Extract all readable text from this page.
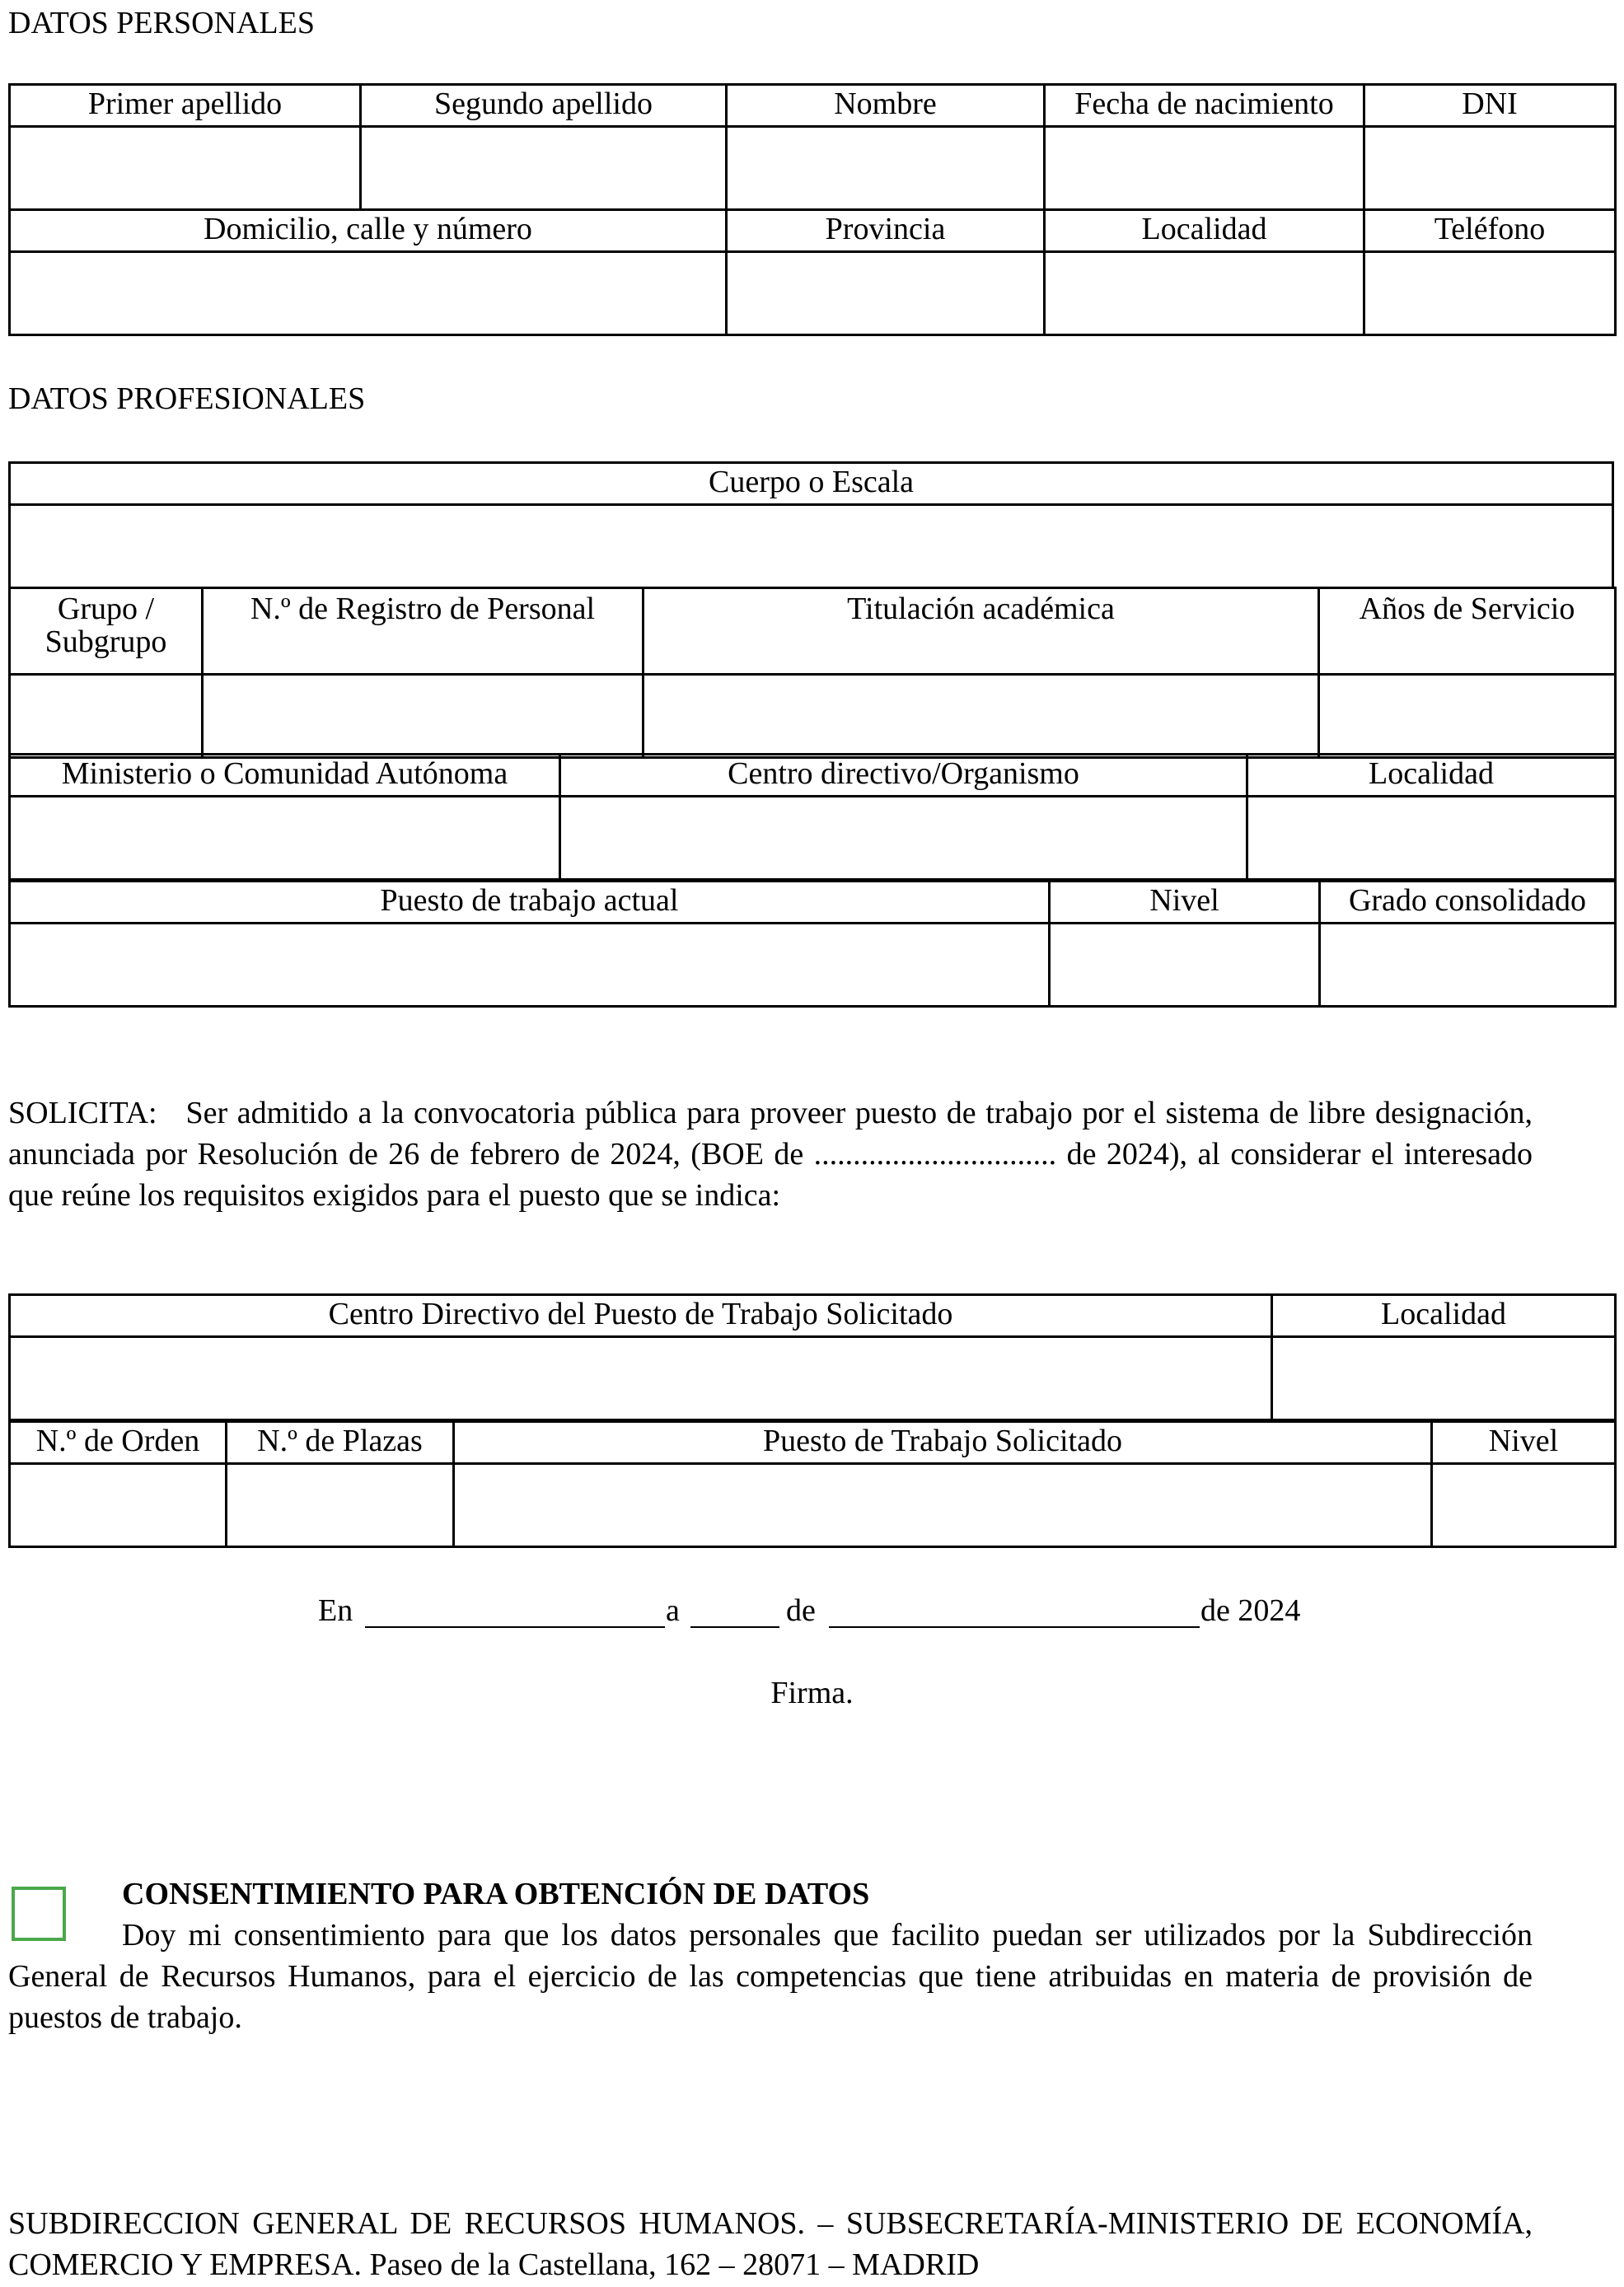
DATOS PERSONALES
Primer apellido	Segundo apellido	Nombre	Fecha de nacimiento	DNI

Domicilio, calle y número		Provincia	Localidad	Teléfono

DATOS PROFESIONALES
Cuerpo o Escala

Grupo / Subgrupo	N.º de Registro de Personal	Titulación académica	Años de Servicio

Ministerio o Comunidad Autónoma	Centro directivo/Organismo	Localidad

Puesto de trabajo actual	Nivel	Grado consolidado

SOLICITA: Ser admitido a la convocatoria pública para proveer puesto de trabajo por el sistema de libre designación, anunciada por Resolución de 26 de febrero de 2024, (BOE de ............................... de 2024), al considerar el interesado que reúne los requisitos exigidos para el puesto que se indica:
Centro Directivo del Puesto de Trabajo Solicitado	Localidad

N.º de Orden	N.º de Plazas	Puesto de Trabajo Solicitado	Nivel

En	a	de	de 2024
Firma.
CONSENTIMIENTO PARA OBTENCIÓN DE DATOS
Doy mi consentimiento para que los datos personales que facilito puedan ser utilizados por la Subdirección General de Recursos Humanos, para el ejercicio de las competencias que tiene atribuidas en materia de provisión de puestos de trabajo.
SUBDIRECCION GENERAL DE RECURSOS HUMANOS. – SUBSECRETARÍA-MINISTERIO DE ECONOMÍA, COMERCIO Y EMPRESA. Paseo de la Castellana, 162 – 28071 – MADRID
